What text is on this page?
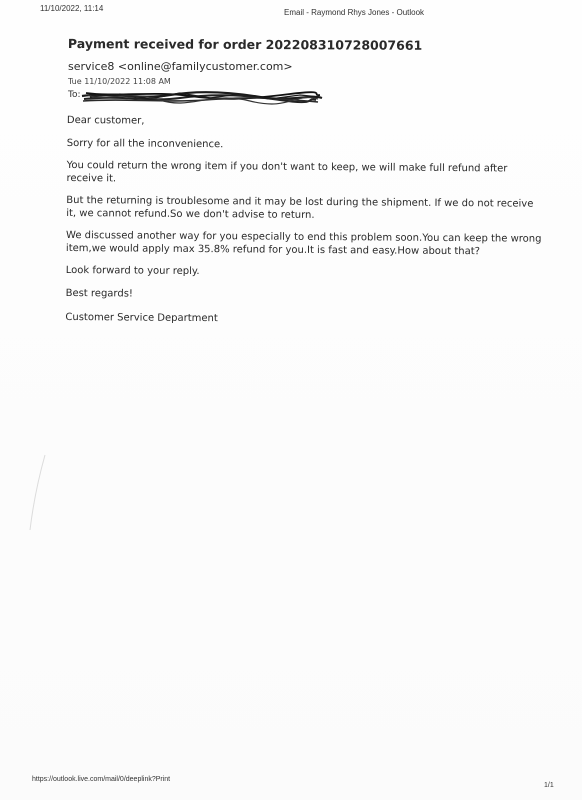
11/10/2022, 11:14	Email - Raymond Rhys Jones - Outlook
Payment received for order 202208310728007661
service8 <online@familycustomer.com>
Tue 11/10/2022 11:08 AM
To:

Dear customer,

Sorry for all the inconvenience.

You could return the wrong item if you don't want to keep, we will make full refund after receive it.

But the returning is troublesome and it may be lost during the shipment. If we do not receive it, we cannot refund.So we don't advise to return.

We discussed another way for you especially to end this problem soon.You can keep the wrong item,we would apply max 35.8% refund for you.It is fast and easy.How about that?

Look forward to your reply.

Best regards!

Customer Service Department

https://outlook.live.com/mail/0/deeplink?Print
1/1
